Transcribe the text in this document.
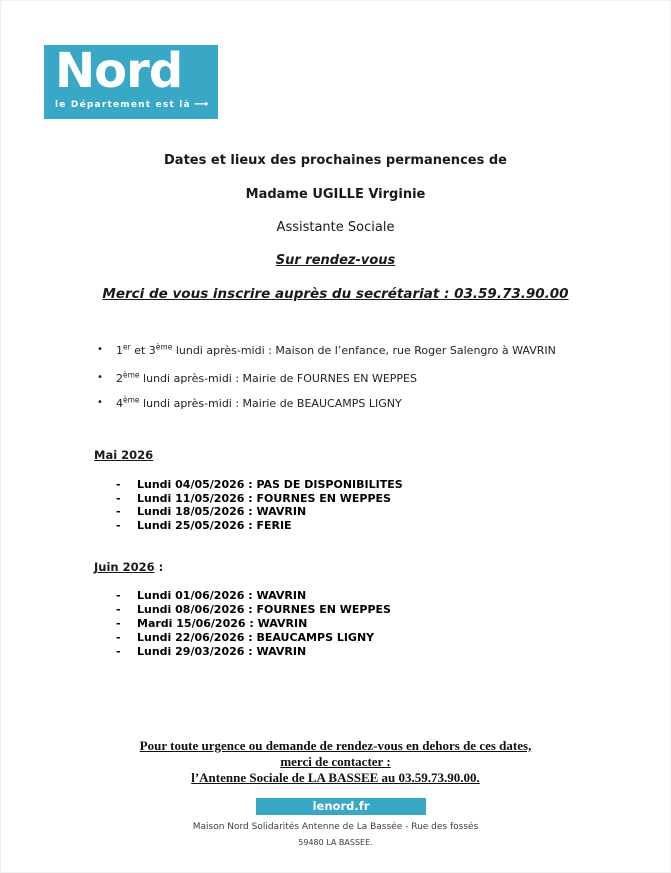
Nord
le Département est là ⟶
Dates et lieux des prochaines permanences de
Madame UGILLE Virginie
Assistante Sociale
Sur rendez-vous
Merci de vous inscrire auprès du secrétariat : 03.59.73.90.00
•	1er et 3ème lundi après-midi : Maison de l’enfance, rue Roger Salengro à WAVRIN
•	2ème lundi après-midi : Mairie de FOURNES EN WEPPES
•	4ème lundi après-midi : Mairie de BEAUCAMPS LIGNY
Mai 2026
- Lundi 04/05/2026 : PAS DE DISPONIBILITES
- Lundi 11/05/2026 : FOURNES EN WEPPES
- Lundi 18/05/2026 : WAVRIN
- Lundi 25/05/2026 : FERIE
Juin 2026 :
- Lundi 01/06/2026 : WAVRIN
- Lundi 08/06/2026 : FOURNES EN WEPPES
- Mardi 15/06/2026 : WAVRIN
- Lundi 22/06/2026 : BEAUCAMPS LIGNY
- Lundi 29/03/2026 : WAVRIN
Pour toute urgence ou demande de rendez-vous en dehors de ces dates,
merci de contacter :
l’Antenne Sociale de LA BASSEE au 03.59.73.90.00.
lenord.fr
Maison Nord Solidarités Antenne de La Bassée - Rue des fossés
59480 LA BASSEE.
